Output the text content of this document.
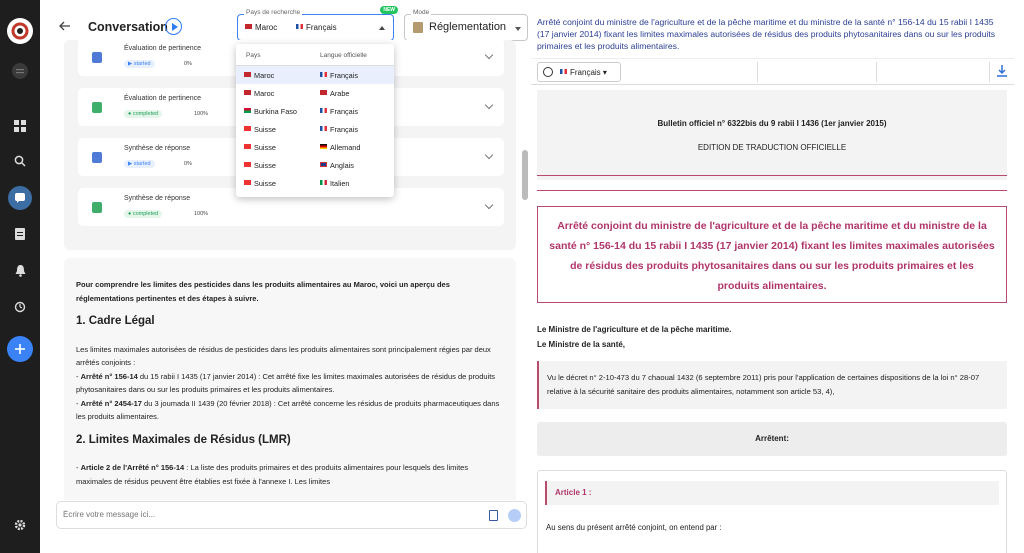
Conversation
Pays de recherche	NEW
Maroc	Français
Mode
Réglementation
Évaluation de pertinence
▶ started	0%
Évaluation de pertinence
● completed	100%
Synthèse de réponse
▶ started	0%
Synthèse de réponse
● completed	100%

Pour comprendre les limites des pesticides dans les produits alimentaires au Maroc, voici un aperçu des réglementations pertinentes et des étapes à suivre.

1. Cadre Légal

Les limites maximales autorisées de résidus de pesticides dans les produits alimentaires sont principalement régies par deux arrêtés conjoints :
- Arrêté n° 156-14 du 15 rabii I 1435 (17 janvier 2014) : Cet arrêté fixe les limites maximales autorisées de résidus de produits phytosanitaires dans ou sur les produits primaires et les produits alimentaires.
- Arrêté n° 2454-17 du 3 joumada II 1439 (20 février 2018) : Cet arrêté concerne les résidus de produits pharmaceutiques dans les produits alimentaires.

2. Limites Maximales de Résidus (LMR)

- Article 2 de l'Arrêté n° 156-14 : La liste des produits primaires et des produits alimentaires pour lesquels des limites maximales de résidus peuvent être établies est fixée à l'annexe I. Les limites

Écrire votre message ici...
Arrêté conjoint du ministre de l'agriculture et de la pêche maritime et du ministre de la santé n° 156-14 du 15 rabii I 1435 (17 janvier 2014) fixant les limites maximales autorisées de résidus des produits phytosanitaires dans ou sur les produits primaires et les produits alimentaires.
Français ▾
Bulletin officiel n° 6322bis du 9 rabii I 1436 (1er janvier 2015)
EDITION DE TRADUCTION OFFICIELLE
Arrêté conjoint du ministre de l'agriculture et de la pêche maritime et du ministre de la santé n° 156-14 du 15 rabii I 1435 (17 janvier 2014) fixant les limites maximales autorisées de résidus des produits phytosanitaires dans ou sur les produits primaires et les produits alimentaires.
Le Ministre de l'agriculture et de la pêche maritime.
Le Ministre de la santé,
Vu le décret n° 2-10-473 du 7 chaoual 1432 (6 septembre 2011) pris pour l'application de certaines dispositions de la loi n° 28-07 relative à la sécurité sanitaire des produits alimentaires, notamment son article 53, 4),
Arrêtent:
Article 1 :
Au sens du présent arrêté conjoint, on entend par :
Pays	Langue officielle
Maroc	Français
Maroc	Arabe
Burkina Faso	Français
Suisse	Français
Suisse	Allemand
Suisse	Anglais
Suisse	Italien
